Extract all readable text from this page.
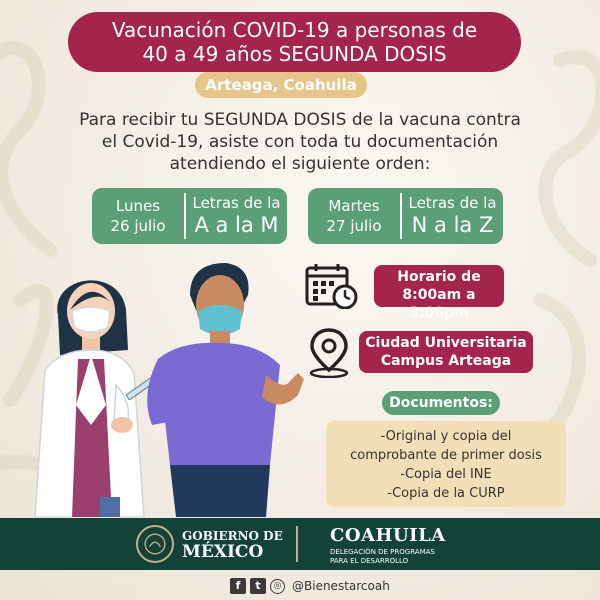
Vacunación COVID-19 a personas de
40 a 49 años SEGUNDA DOSIS
Arteaga, Coahuila
Para recibir tu SEGUNDA DOSIS de la vacuna contra
el Covid-19, asiste con toda tu documentación
atendiendo el siguiente orden:
Lunes
26 julio
Letras de la
A a la M
Martes
27 julio
Letras de la
N a la Z
Horario de
8:00am a 3:00pm
Ciudad Universitaria
Campus Arteaga
Documentos:
-Original y copia del
comprobante de primer dosis
-Copia del INE
-Copia de la CURP
GOBIERNO DE
MÉXICO
COAHUILA
DELEGACIÓN DE PROGRAMAS
PARA EL DESARROLLO
f	t	◎ @Bienestarcoah
